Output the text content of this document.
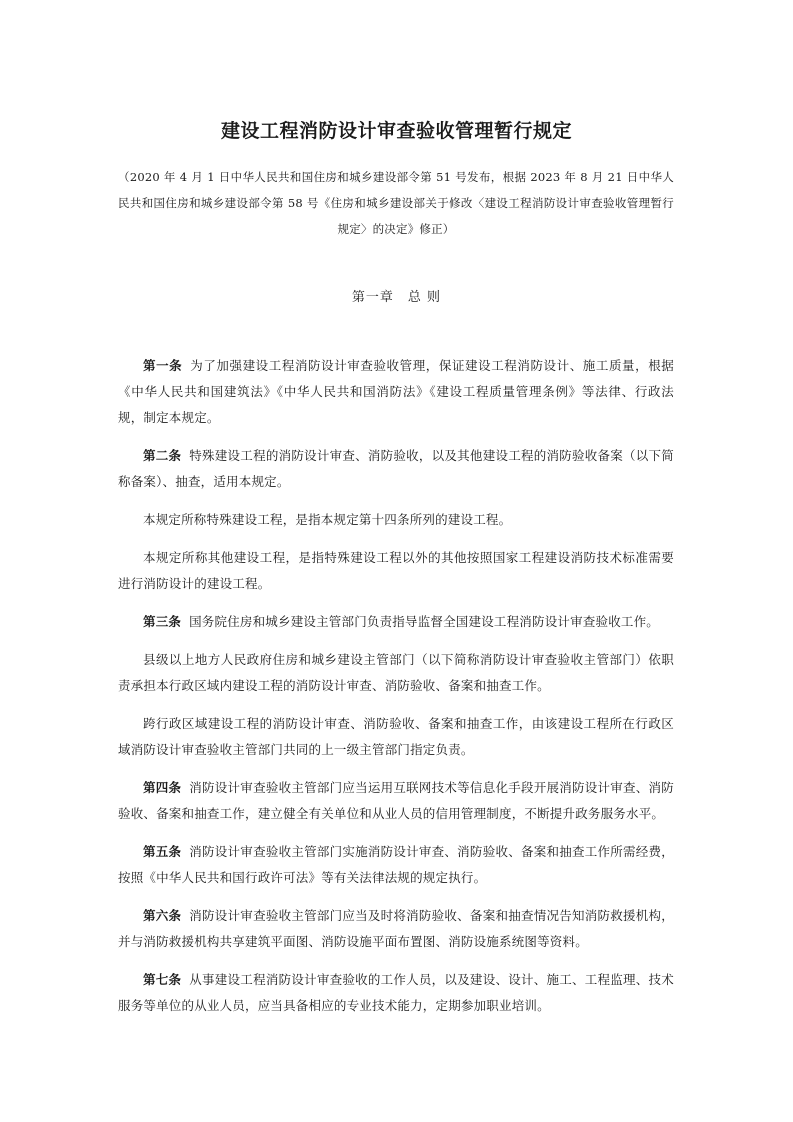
建设工程消防设计审查验收管理暂行规定
（2020 年 4 月 1 日中华人民共和国住房和城乡建设部令第 51 号发布，根据 2023 年 8 月 21 日中华人民共和国住房和城乡建设部令第 58 号《住房和城乡建设部关于修改〈建设工程消防设计审查验收管理暂行规定〉的决定》修正）
第一章　总 则

第一条 为了加强建设工程消防设计审查验收管理，保证建设工程消防设计、施工质量，根据《中华人民共和国建筑法》《中华人民共和国消防法》《建设工程质量管理条例》等法律、行政法规，制定本规定。

第二条 特殊建设工程的消防设计审查、消防验收，以及其他建设工程的消防验收备案（以下简称备案）、抽查，适用本规定。

本规定所称特殊建设工程，是指本规定第十四条所列的建设工程。

本规定所称其他建设工程，是指特殊建设工程以外的其他按照国家工程建设消防技术标准需要进行消防设计的建设工程。

第三条 国务院住房和城乡建设主管部门负责指导监督全国建设工程消防设计审查验收工作。

县级以上地方人民政府住房和城乡建设主管部门（以下简称消防设计审查验收主管部门）依职责承担本行政区域内建设工程的消防设计审查、消防验收、备案和抽查工作。

跨行政区域建设工程的消防设计审查、消防验收、备案和抽查工作，由该建设工程所在行政区域消防设计审查验收主管部门共同的上一级主管部门指定负责。

第四条 消防设计审查验收主管部门应当运用互联网技术等信息化手段开展消防设计审查、消防验收、备案和抽查工作，建立健全有关单位和从业人员的信用管理制度，不断提升政务服务水平。

第五条 消防设计审查验收主管部门实施消防设计审查、消防验收、备案和抽查工作所需经费，按照《中华人民共和国行政许可法》等有关法律法规的规定执行。

第六条 消防设计审查验收主管部门应当及时将消防验收、备案和抽查情况告知消防救援机构，并与消防救援机构共享建筑平面图、消防设施平面布置图、消防设施系统图等资料。

第七条 从事建设工程消防设计审查验收的工作人员，以及建设、设计、施工、工程监理、技术服务等单位的从业人员，应当具备相应的专业技术能力，定期参加职业培训。
